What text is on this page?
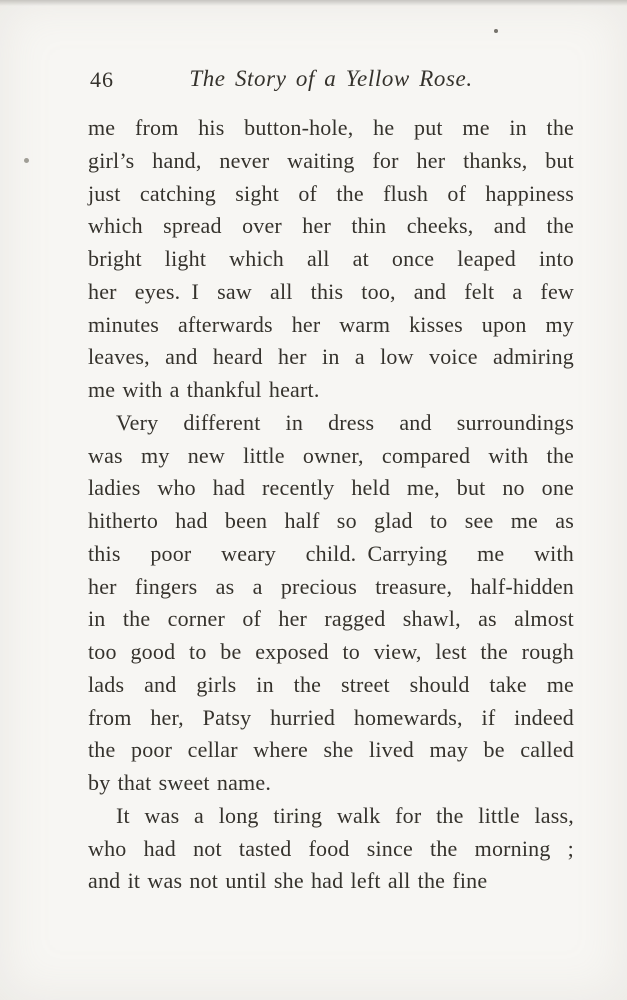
46	The Story of a Yellow Rose.
me from his button-hole, he put me in the
girl’s hand, never waiting for her thanks, but
just catching sight of the flush of happiness
which spread over her thin cheeks, and the
bright light which all at once leaped into
her eyes. I saw all this too, and felt a few
minutes afterwards her warm kisses upon my
leaves, and heard her in a low voice admiring
me with a thankful heart.
Very different in dress and surroundings
was my new little owner, compared with the
ladies who had recently held me, but no one
hitherto had been half so glad to see me as
this poor weary child. Carrying me with
her fingers as a precious treasure, half-hidden
in the corner of her ragged shawl, as almost
too good to be exposed to view, lest the rough
lads and girls in the street should take me
from her, Patsy hurried homewards, if indeed
the poor cellar where she lived may be called
by that sweet name.
It was a long tiring walk for the little lass,
who had not tasted food since the morning ;
and it was not until she had left all the fine
